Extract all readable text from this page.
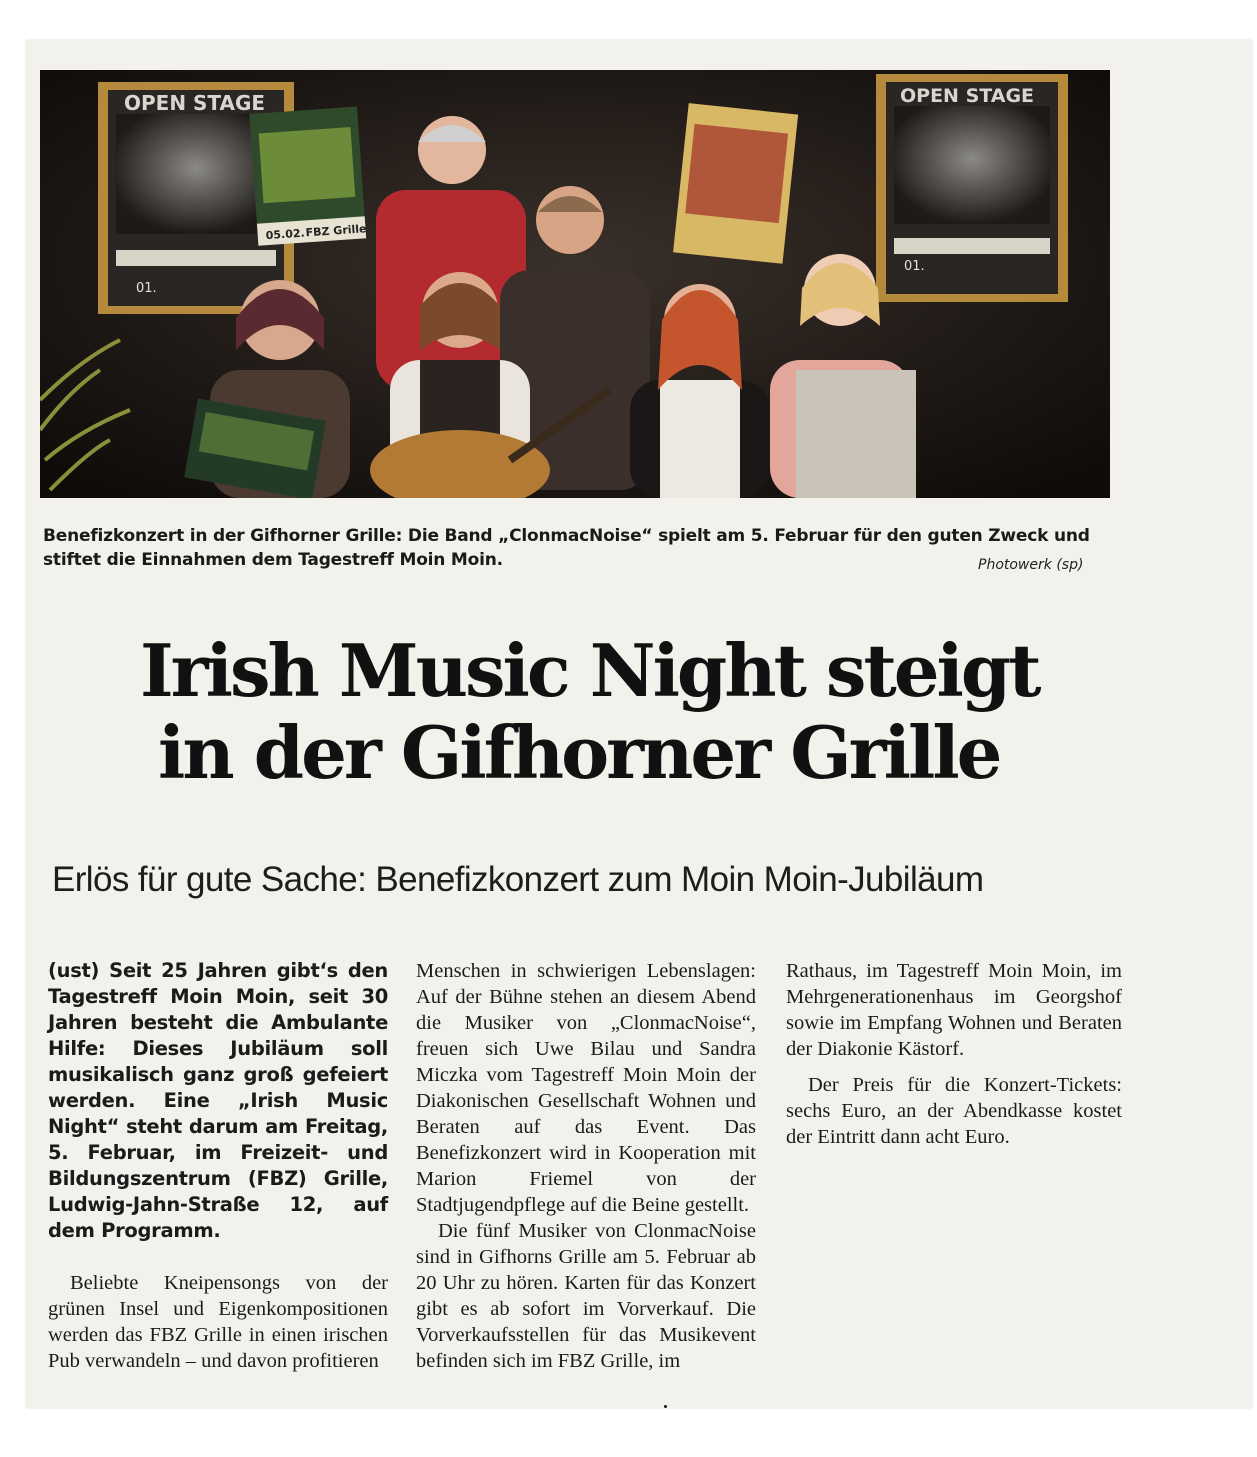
OPEN STAGE
01.
OPEN STAGE
01.
05.02. FBZ Grille
Benefizkonzert in der Gifhorner Grille: Die Band „ClonmacNoise“ spielt am 5. Februar für den guten Zweck und stiftet die Einnahmen dem Tagestreff Moin Moin.	Photowerk (sp)
Irish Music Night steigt
in der Gifhorner Grille
Erlös für gute Sache: Benefizkonzert zum Moin Moin-Jubiläum

(ust) Seit 25 Jahren gibt‘s den Tagestreff Moin Moin, seit 30 Jahren besteht die Ambulante Hilfe: Dieses Jubiläum soll musikalisch ganz groß gefeiert werden. Eine „Irish Music Night“ steht darum am Freitag, 5. Februar, im Freizeit- und Bildungszentrum (FBZ) Grille, Ludwig-Jahn-Straße 12, auf dem Programm.

Beliebte Kneipensongs von der grünen Insel und Eigenkompositionen werden das FBZ Grille in einen irischen Pub verwandeln – und davon profitieren

Menschen in schwierigen Lebenslagen: Auf der Bühne stehen an diesem Abend die Musiker von „ClonmacNoise“, freuen sich Uwe Bilau und Sandra Miczka vom Tagestreff Moin Moin der Diakonischen Gesellschaft Wohnen und Beraten auf das Event. Das Benefizkonzert wird in Kooperation mit Marion Friemel von der Stadtjugendpflege auf die Beine gestellt.

Die fünf Musiker von ClonmacNoise sind in Gifhorns Grille am 5. Februar ab 20 Uhr zu hören. Karten für das Konzert gibt es ab sofort im Vorverkauf. Die Vorverkaufsstellen für das Musikevent befinden sich im FBZ Grille, im

Rathaus, im Tagestreff Moin Moin, im Mehrgenerationenhaus im Georgshof sowie im Empfang Wohnen und Beraten der Diakonie Kästorf.

Der Preis für die Konzert-Tickets: sechs Euro, an der Abendkasse kostet der Eintritt dann acht Euro.
